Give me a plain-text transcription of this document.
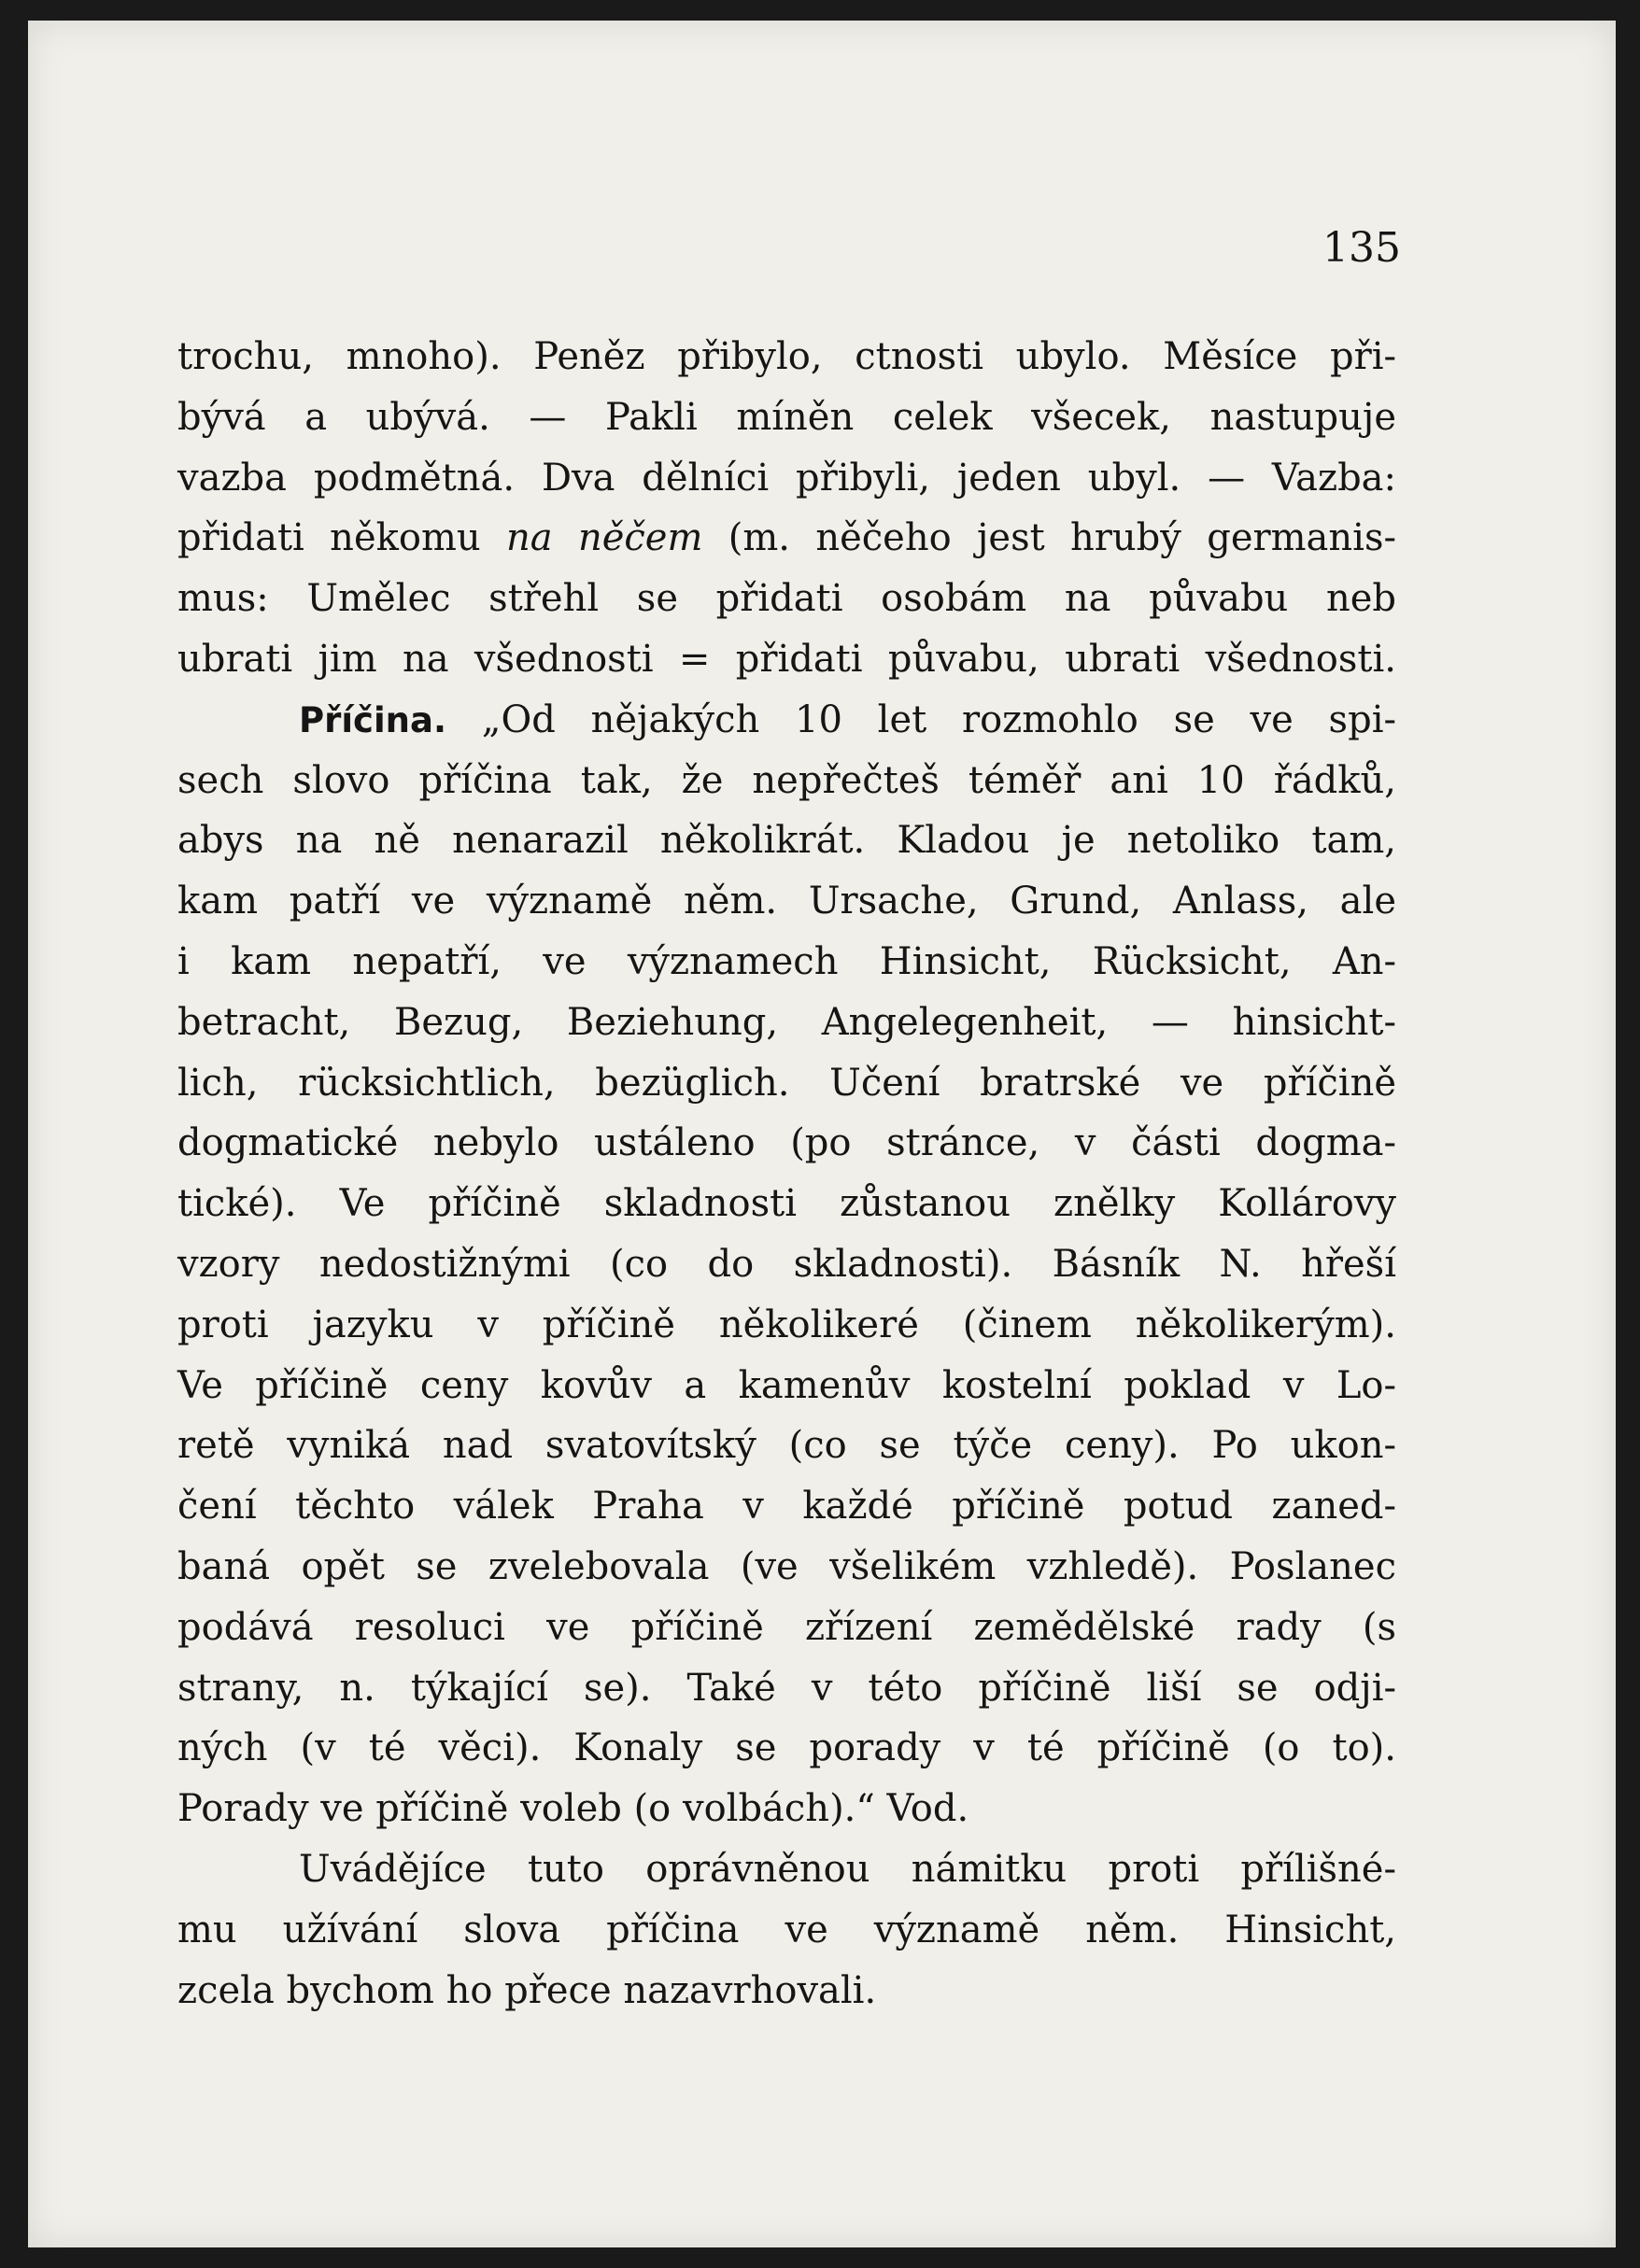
135
trochu, mnoho). Peněz přibylo, ctnosti ubylo. Měsíce při-
bývá a ubývá. — Pakli míněn celek všecek, nastupuje
vazba podmětná. Dva dělníci přibyli, jeden ubyl. — Vazba:
přidati někomu na něčem (m. něčeho jest hrubý germanis-
mus: Umělec střehl se přidati osobám na půvabu neb
ubrati jim na všednosti = přidati půvabu, ubrati všednosti.
Příčina. „Od nějakých 10 let rozmohlo se ve spi-
sech slovo příčina tak, že nepřečteš téměř ani 10 řádků,
abys na ně nenarazil několikrát. Kladou je netoliko tam,
kam patří ve významě něm. Ursache, Grund, Anlass, ale
i kam nepatří, ve významech Hinsicht, Rücksicht, An-
betracht, Bezug, Beziehung, Angelegenheit, — hinsicht-
lich, rücksichtlich, bezüglich. Učení bratrské ve příčině
dogmatické nebylo ustáleno (po stránce, v části dogma-
tické). Ve příčině skladnosti zůstanou znělky Kollárovy
vzory nedostižnými (co do skladnosti). Básník N. hřeší
proti jazyku v příčině několikeré (činem několikerým).
Ve příčině ceny kovův a kamenův kostelní poklad v Lo-
retě vyniká nad svatovítský (co se týče ceny). Po ukon-
čení těchto válek Praha v každé příčině potud zaned-
baná opět se zvelebovala (ve všelikém vzhledě). Poslanec
podává resoluci ve příčině zřízení zemědělské rady (s
strany, n. týkající se). Také v této příčině liší se odji-
ných (v té věci). Konaly se porady v té příčině (o to).
Porady ve příčině voleb (o volbách).“ Vod.
Uvádějíce tuto oprávněnou námitku proti přílišné-
mu užívání slova příčina ve významě něm. Hinsicht,
zcela bychom ho přece nazavrhovali.
